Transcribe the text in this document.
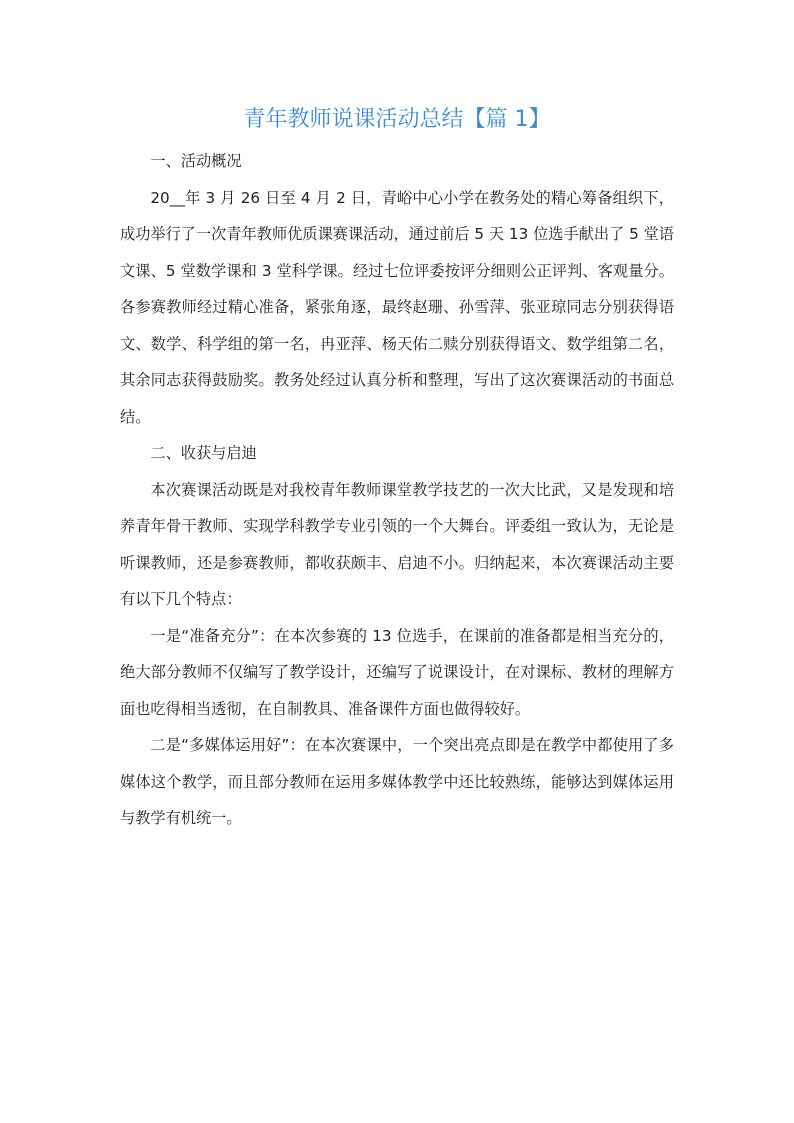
青年教师说课活动总结【篇 1】

一、活动概况

20__年 3 月 26 日至 4 月 2 日，青峪中心小学在教务处的精心筹备组织下，成功举行了一次青年教师优质课赛课活动，通过前后 5 天 13 位选手献出了 5 堂语文课、5 堂数学课和 3 堂科学课。经过七位评委按评分细则公正评判、客观量分。各参赛教师经过精心准备，紧张角逐，最终赵珊、孙雪萍、张亚琼同志分别获得语文、数学、科学组的第一名，冉亚萍、杨天佑二赎分别获得语文、数学组第二名，其余同志获得鼓励奖。教务处经过认真分析和整理，写出了这次赛课活动的书面总结。

二、收获与启迪

本次赛课活动既是对我校青年教师课堂教学技艺的一次大比武，又是发现和培养青年骨干教师、实现学科教学专业引领的一个大舞台。评委组一致认为，无论是听课教师，还是参赛教师，都收获颇丰、启迪不小。归纳起来，本次赛课活动主要有以下几个特点：

一是“准备充分”：在本次参赛的 13 位选手，在课前的准备都是相当充分的，绝大部分教师不仅编写了教学设计，还编写了说课设计，在对课标、教材的理解方面也吃得相当透彻，在自制教具、准备课件方面也做得较好。

二是“多媒体运用好”：在本次赛课中，一个突出亮点即是在教学中都使用了多媒体这个教学，而且部分教师在运用多媒体教学中还比较熟练，能够达到媒体运用与教学有机统一。
